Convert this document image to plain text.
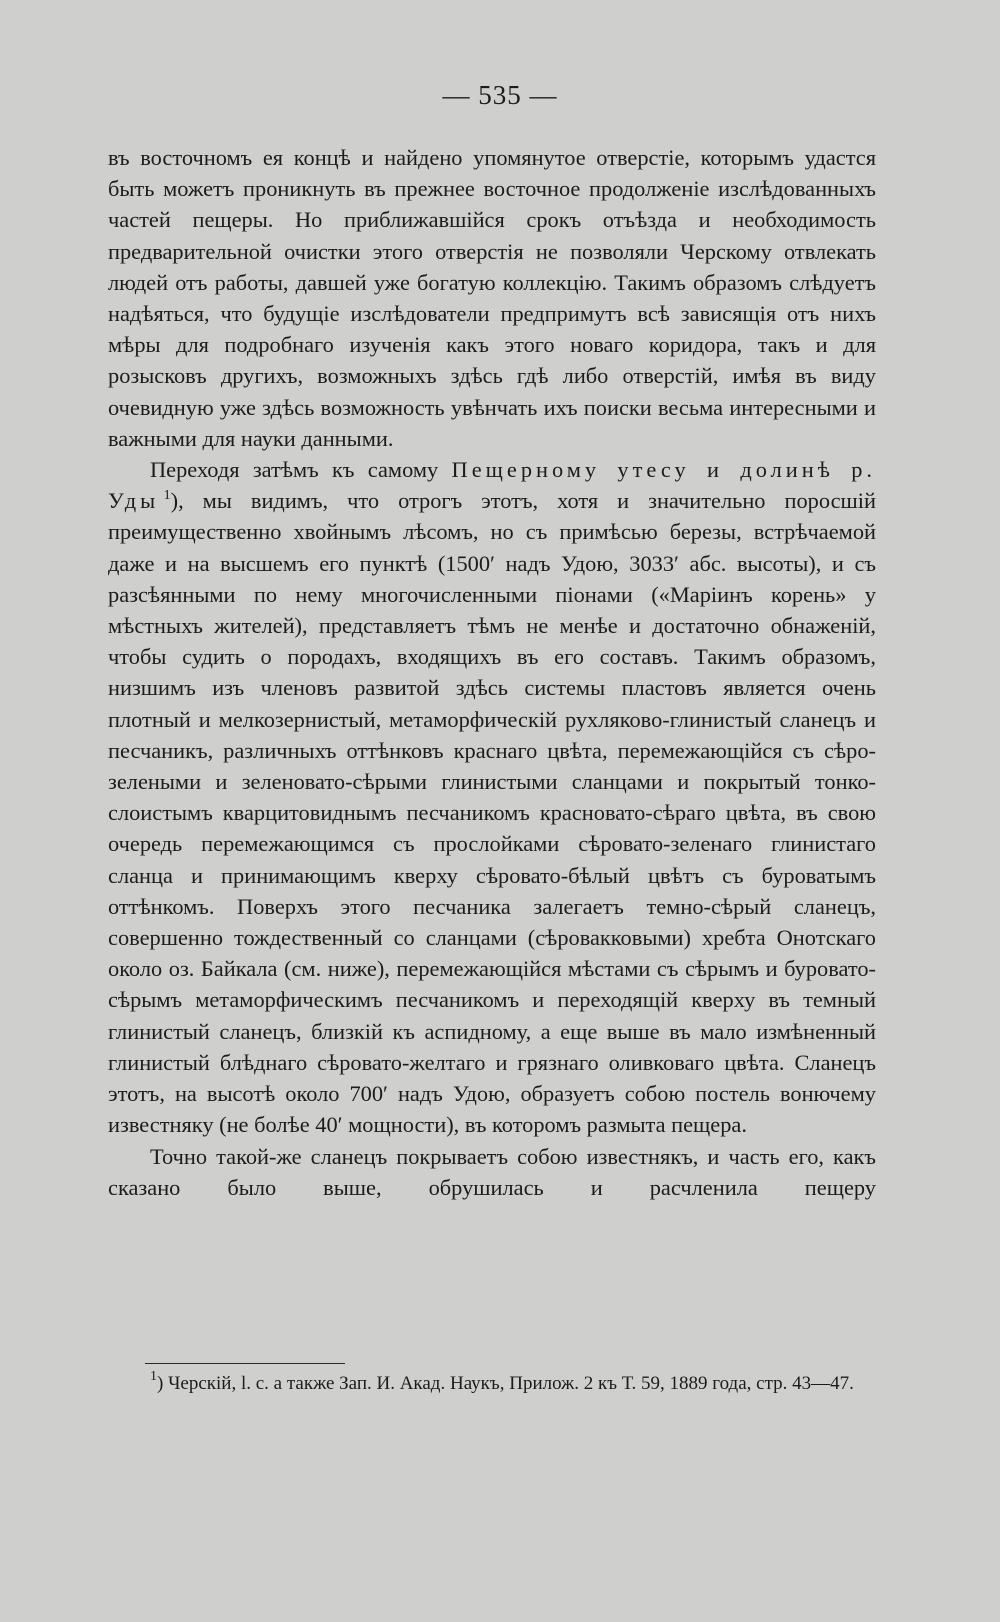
— 535 —

въ восточномъ ея концѣ и найдено упомянутое отверстіе, которымъ удастся быть можетъ проникнуть въ прежнее восточное продолженіе изслѣдованныхъ частей пещеры. Но приближавшійся срокъ отъѣзда и необходимость предварительной очистки этого отверстія не позволяли Черскому отвлекать людей отъ работы, давшей уже богатую коллекцію. Такимъ образомъ слѣдуетъ надѣяться, что будущіе изслѣдователи предпримутъ всѣ зависящія отъ нихъ мѣры для подробнаго изученія какъ этого новаго коридора, такъ и для розысковъ другихъ, возможныхъ здѣсь гдѣ либо отверстій, имѣя въ виду очевидную уже здѣсь возможность увѣнчать ихъ поиски весьма интересными и важными для науки данными.

Переходя затѣмъ къ самому Пещерному утесу и долинѣ р. Уды  $^1$), мы видимъ, что отрогъ этотъ, хотя и значительно поросшій преимущественно хвойнымъ лѣсомъ, но съ примѣсью березы, встрѣчаемой даже и на высшемъ его пунктѣ (1500′ надъ Удою, 3033′ абс. высоты), и съ разсѣянными по нему многочисленными піонами («Маріинъ корень» у мѣстныхъ жителей), представляетъ тѣмъ не менѣе и достаточно обнаженій, чтобы судить о породахъ, входящихъ въ его составъ. Такимъ образомъ, низшимъ изъ членовъ развитой здѣсь системы пластовъ является очень плотный и мелкозернистый, метаморфическій рухляково-глинистый сланецъ и песчаникъ, различныхъ оттѣнковъ краснаго цвѣта, перемежающійся съ сѣро-зелеными и зеленовато-сѣрыми глинистыми сланцами и покрытый тонко-слоистымъ кварцитовиднымъ песчаникомъ красновато-сѣраго цвѣта, въ свою очередь перемежающимся съ прослойками сѣровато-зеленаго глинистаго сланца и принимающимъ кверху сѣровато-бѣлый цвѣтъ съ буроватымъ оттѣнкомъ. Поверхъ этого песчаника залегаетъ темно-сѣрый сланецъ, совершенно тождественный со сланцами (сѣровакковыми) хребта Онотскаго около оз. Байкала (см. ниже), перемежающійся мѣстами съ сѣрымъ и буровато-сѣрымъ метаморфическимъ песчаникомъ и переходящій кверху въ темный глинистый сланецъ, близкій къ аспидному, а еще выше въ мало измѣненный глинистый блѣднаго сѣровато-желтаго и грязнаго оливковаго цвѣта. Сланецъ этотъ, на высотѣ около 700′ надъ Удою, образуетъ собою постель вонючему известняку (не болѣе 40′ мощности), въ которомъ размыта пещера.

Точно такой-же сланецъ покрываетъ собою известнякъ, и часть его, какъ сказано было выше, обрушилась и расчленила пещеру

$^1$) Черскій, l. c. а также Зап. И. Акад. Наукъ, Прилож. 2 къ Т. 59, 1889 года, стр. 43—47.
